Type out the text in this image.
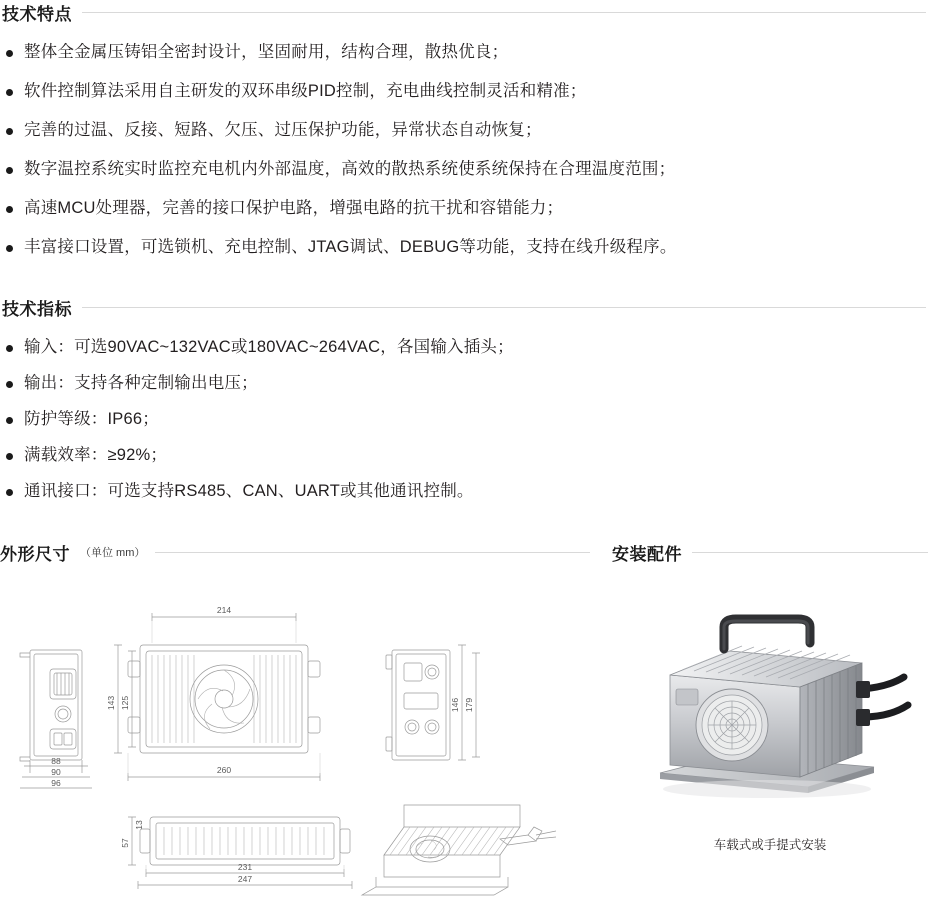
技术特点
整体全金属压铸铝全密封设计，坚固耐用，结构合理，散热优良；
软件控制算法采用自主研发的双环串级PID控制，充电曲线控制灵活和精准；
完善的过温、反接、短路、欠压、过压保护功能，异常状态自动恢复；
数字温控系统实时监控充电机内外部温度，高效的散热系统使系统保持在合理温度范围；
高速MCU处理器，完善的接口保护电路，增强电路的抗干扰和容错能力；
丰富接口设置，可选锁机、充电控制、JTAG调试、DEBUG等功能，支持在线升级程序。
技术指标
输入：可选90VAC~132VAC或180VAC~264VAC，各国输入插头；
输出：支持各种定制输出电压；
防护等级：IP66；
满载效率：≥92%；
通讯接口：可选支持RS485、CAN、UART或其他通讯控制。
外形尺寸 （单位 mm）
214
143 125
260
146 179
88
90
96
57
13
231
247
安装配件
车载式或手提式安装
